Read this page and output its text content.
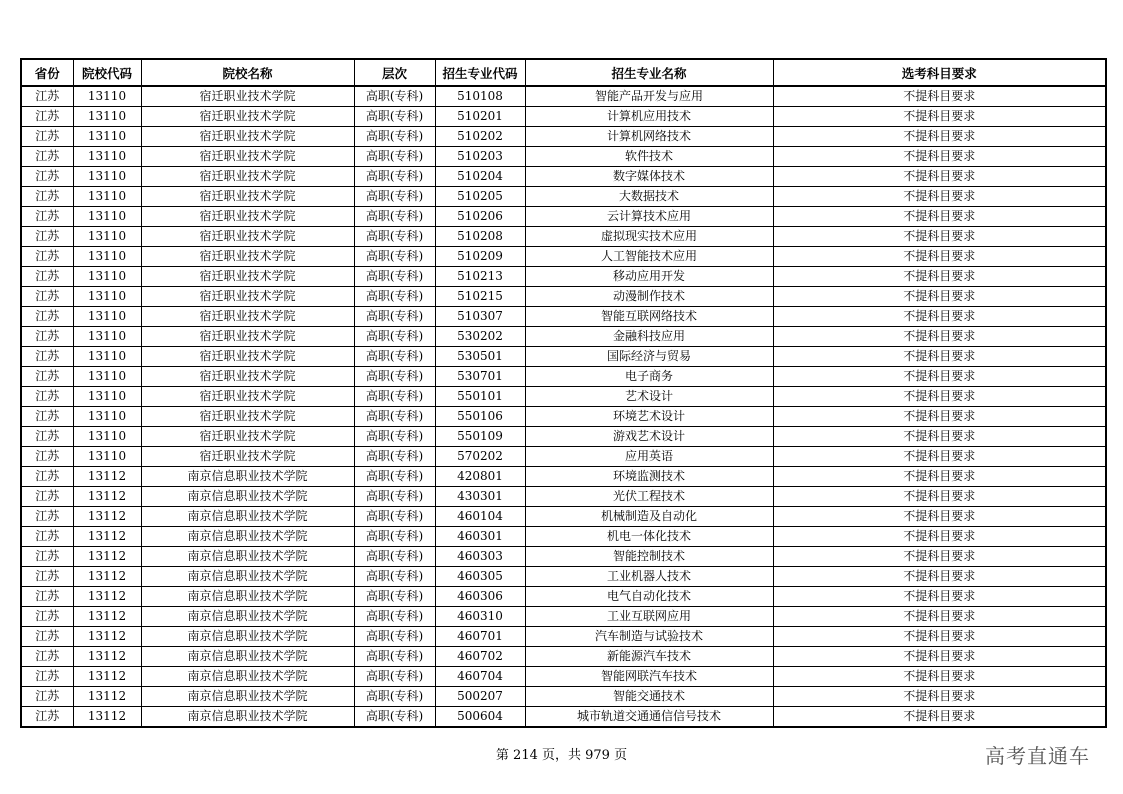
省份	院校代码	院校名称	层次	招生专业代码	招生专业名称	选考科目要求
江苏	13110	宿迁职业技术学院	高职(专科)	510108	智能产品开发与应用	不提科目要求
江苏	13110	宿迁职业技术学院	高职(专科)	510201	计算机应用技术	不提科目要求
江苏	13110	宿迁职业技术学院	高职(专科)	510202	计算机网络技术	不提科目要求
江苏	13110	宿迁职业技术学院	高职(专科)	510203	软件技术	不提科目要求
江苏	13110	宿迁职业技术学院	高职(专科)	510204	数字媒体技术	不提科目要求
江苏	13110	宿迁职业技术学院	高职(专科)	510205	大数据技术	不提科目要求
江苏	13110	宿迁职业技术学院	高职(专科)	510206	云计算技术应用	不提科目要求
江苏	13110	宿迁职业技术学院	高职(专科)	510208	虚拟现实技术应用	不提科目要求
江苏	13110	宿迁职业技术学院	高职(专科)	510209	人工智能技术应用	不提科目要求
江苏	13110	宿迁职业技术学院	高职(专科)	510213	移动应用开发	不提科目要求
江苏	13110	宿迁职业技术学院	高职(专科)	510215	动漫制作技术	不提科目要求
江苏	13110	宿迁职业技术学院	高职(专科)	510307	智能互联网络技术	不提科目要求
江苏	13110	宿迁职业技术学院	高职(专科)	530202	金融科技应用	不提科目要求
江苏	13110	宿迁职业技术学院	高职(专科)	530501	国际经济与贸易	不提科目要求
江苏	13110	宿迁职业技术学院	高职(专科)	530701	电子商务	不提科目要求
江苏	13110	宿迁职业技术学院	高职(专科)	550101	艺术设计	不提科目要求
江苏	13110	宿迁职业技术学院	高职(专科)	550106	环境艺术设计	不提科目要求
江苏	13110	宿迁职业技术学院	高职(专科)	550109	游戏艺术设计	不提科目要求
江苏	13110	宿迁职业技术学院	高职(专科)	570202	应用英语	不提科目要求
江苏	13112	南京信息职业技术学院	高职(专科)	420801	环境监测技术	不提科目要求
江苏	13112	南京信息职业技术学院	高职(专科)	430301	光伏工程技术	不提科目要求
江苏	13112	南京信息职业技术学院	高职(专科)	460104	机械制造及自动化	不提科目要求
江苏	13112	南京信息职业技术学院	高职(专科)	460301	机电一体化技术	不提科目要求
江苏	13112	南京信息职业技术学院	高职(专科)	460303	智能控制技术	不提科目要求
江苏	13112	南京信息职业技术学院	高职(专科)	460305	工业机器人技术	不提科目要求
江苏	13112	南京信息职业技术学院	高职(专科)	460306	电气自动化技术	不提科目要求
江苏	13112	南京信息职业技术学院	高职(专科)	460310	工业互联网应用	不提科目要求
江苏	13112	南京信息职业技术学院	高职(专科)	460701	汽车制造与试验技术	不提科目要求
江苏	13112	南京信息职业技术学院	高职(专科)	460702	新能源汽车技术	不提科目要求
江苏	13112	南京信息职业技术学院	高职(专科)	460704	智能网联汽车技术	不提科目要求
江苏	13112	南京信息职业技术学院	高职(专科)	500207	智能交通技术	不提科目要求
江苏	13112	南京信息职业技术学院	高职(专科)	500604	城市轨道交通通信信号技术	不提科目要求
第 214 页，共 979 页	高考直通车
